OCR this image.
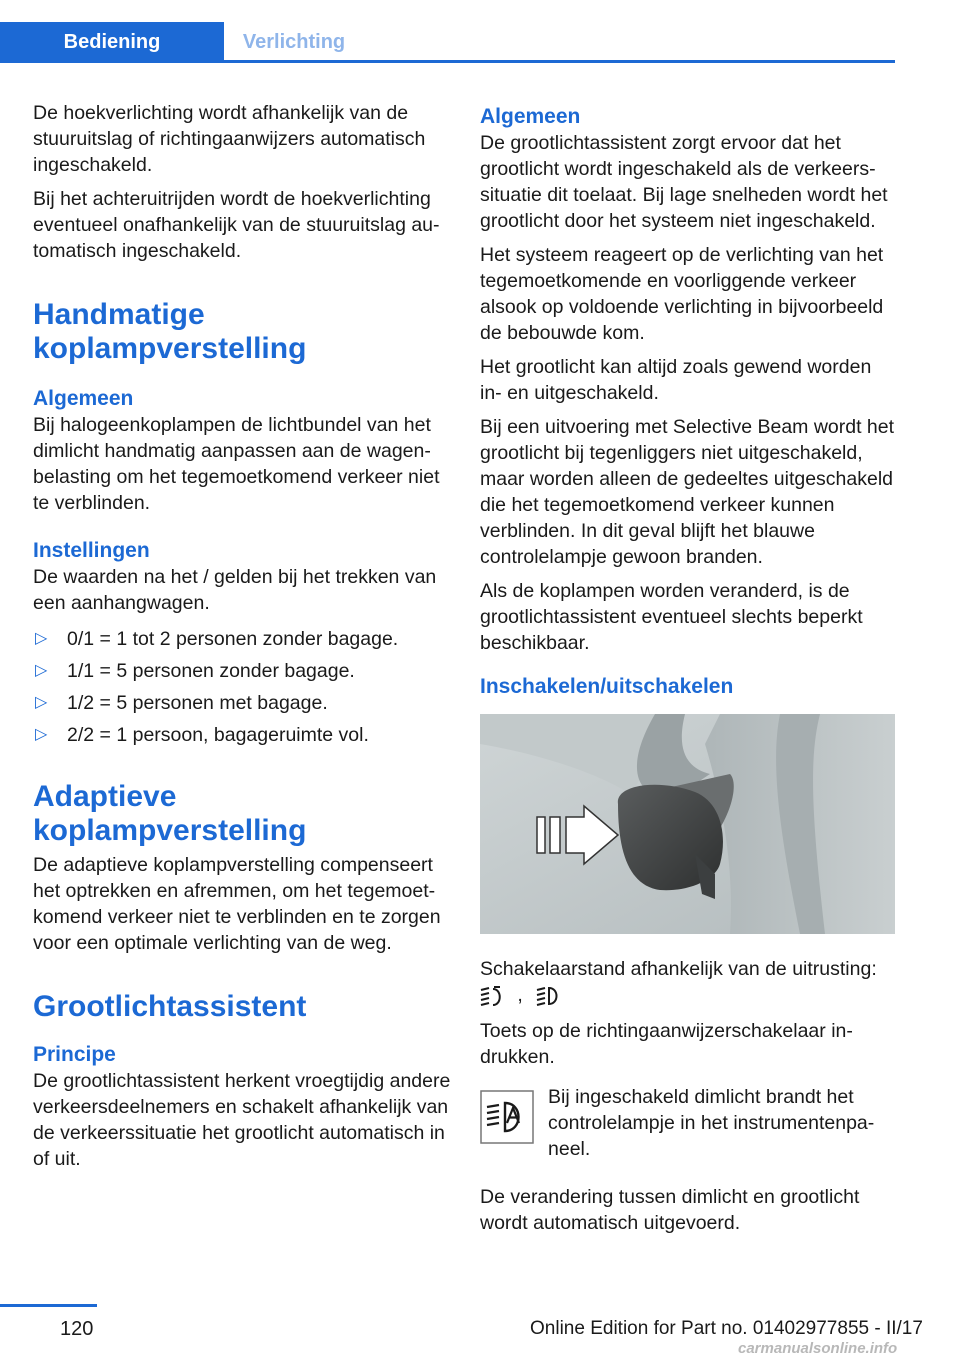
Bediening	Verlichting

De hoekverlichting wordt afhankelijk van de stuuruitslag of richtingaanwijzers automatisch ingeschakeld.

Bij het achteruitrijden wordt de hoekverlichting eventueel onafhankelijk van de stuuruitslag automatisch ingeschakeld.

Handmatige koplampverstelling
Algemeen

Bij halogeenkoplampen de lichtbundel van het dimlicht handmatig aanpassen aan de wagenbelasting om het tegemoetkomend verkeer niet te verblinden.

Instellingen

De waarden na het / gelden bij het trekken van een aanhangwagen.

▷ 0/1 = 1 tot 2 personen zonder bagage.
▷ 1/1 = 5 personen zonder bagage.
▷ 1/2 = 5 personen met bagage.
▷ 2/2 = 1 persoon, bagageruimte vol.
Adaptieve koplampverstelling

De adaptieve koplampverstelling compenseert het optrekken en afremmen, om het tegemoetkomend verkeer niet te verblinden en te zorgen voor een optimale verlichting van de weg.

Grootlichtassistent
Principe

De grootlichtassistent herkent vroegtijdig andere verkeersdeelnemers en schakelt afhankelijk van de verkeerssituatie het grootlicht automatisch in of uit.

Algemeen

De grootlichtassistent zorgt ervoor dat het grootlicht wordt ingeschakeld als de verkeerssituatie dit toelaat. Bij lage snelheden wordt het grootlicht door het systeem niet ingeschakeld.

Het systeem reageert op de verlichting van het tegemoetkomende en voorliggende verkeer alsook op voldoende verlichting in bijvoorbeeld de bebouwde kom.

Het grootlicht kan altijd zoals gewend worden in- en uitgeschakeld.

Bij een uitvoering met Selective Beam wordt het grootlicht bij tegenliggers niet uitgeschakeld, maar worden alleen de gedeeltes uitgeschakeld die het tegemoetkomend verkeer kunnen verblinden. In dit geval blijft het blauwe controlelampje gewoon branden.

Als de koplampen worden veranderd, is de grootlichtassistent eventueel slechts beperkt beschikbaar.

Inschakelen/uitschakelen

Schakelaarstand afhankelijk van de uitrusting:

,

Toets op de richtingaanwijzerschakelaar indrukken.

Bij ingeschakeld dimlicht brandt het controlelampje in het instrumentenpaneel.

De verandering tussen dimlicht en grootlicht wordt automatisch uitgevoerd.

120	Online Edition for Part no. 01402977855 - II/17
carmanualsonline.info
